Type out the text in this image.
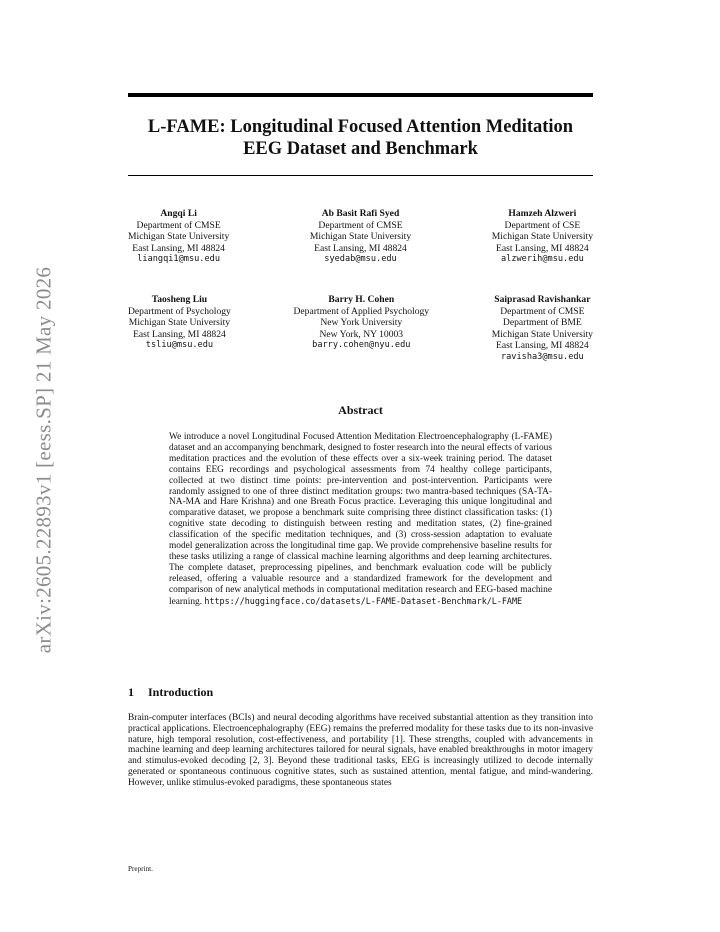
arXiv:2605.22893v1 [eess.SP] 21 May 2026
L-FAME: Longitudinal Focused Attention Meditation
EEG Dataset and Benchmark
Angqi Li
Department of CMSE
Michigan State University
East Lansing, MI 48824
liangqi1@msu.edu
Ab Basit Rafi Syed
Department of CMSE
Michigan State University
East Lansing, MI 48824
syedab@msu.edu
Hamzeh Alzweri
Department of CSE
Michigan State University
East Lansing, MI 48824
alzwerih@msu.edu
Taosheng Liu
Department of Psychology
Michigan State University
East Lansing, MI 48824
tsliu@msu.edu
Barry H. Cohen
Department of Applied Psychology
New York University
New York, NY 10003
barry.cohen@nyu.edu
Saiprasad Ravishankar
Department of CMSE
Department of BME
Michigan State University
East Lansing, MI 48824
ravisha3@msu.edu
Abstract
We introduce a novel Longitudinal Focused Attention Meditation Electroencephalography (L-FAME) dataset and an accompanying benchmark, designed to foster research into the neural effects of various meditation practices and the evolution of these effects over a six-week training period. The dataset contains EEG recordings and psychological assessments from 74 healthy college participants, collected at two distinct time points: pre-intervention and post-intervention. Participants were randomly assigned to one of three distinct meditation groups: two mantra-based techniques (SA-TA-NA-MA and Hare Krishna) and one Breath Focus practice. Leveraging this unique longitudinal and comparative dataset, we propose a benchmark suite comprising three distinct classification tasks: (1) cognitive state decoding to distinguish between resting and meditation states, (2) fine-grained classification of the specific meditation techniques, and (3) cross-session adaptation to evaluate model generalization across the longitudinal time gap. We provide comprehensive baseline results for these tasks utilizing a range of classical machine learning algorithms and deep learning architectures. The complete dataset, preprocessing pipelines, and benchmark evaluation code will be publicly released, offering a valuable resource and a standardized framework for the development and comparison of new analytical methods in computational meditation research and EEG-based machine learning. https://huggingface.co/datasets/L-FAME-Dataset-Benchmark/L-FAME
1 Introduction
Brain-computer interfaces (BCIs) and neural decoding algorithms have received substantial attention as they transition into practical applications. Electroencephalography (EEG) remains the preferred modality for these tasks due to its non-invasive nature, high temporal resolution, cost-effectiveness, and portability [1]. These strengths, coupled with advancements in machine learning and deep learning architectures tailored for neural signals, have enabled breakthroughs in motor imagery and stimulus-evoked decoding [2, 3]. Beyond these traditional tasks, EEG is increasingly utilized to decode internally generated or spontaneous continuous cognitive states, such as sustained attention, mental fatigue, and mind-wandering. However, unlike stimulus-evoked paradigms, these spontaneous states
Preprint.
